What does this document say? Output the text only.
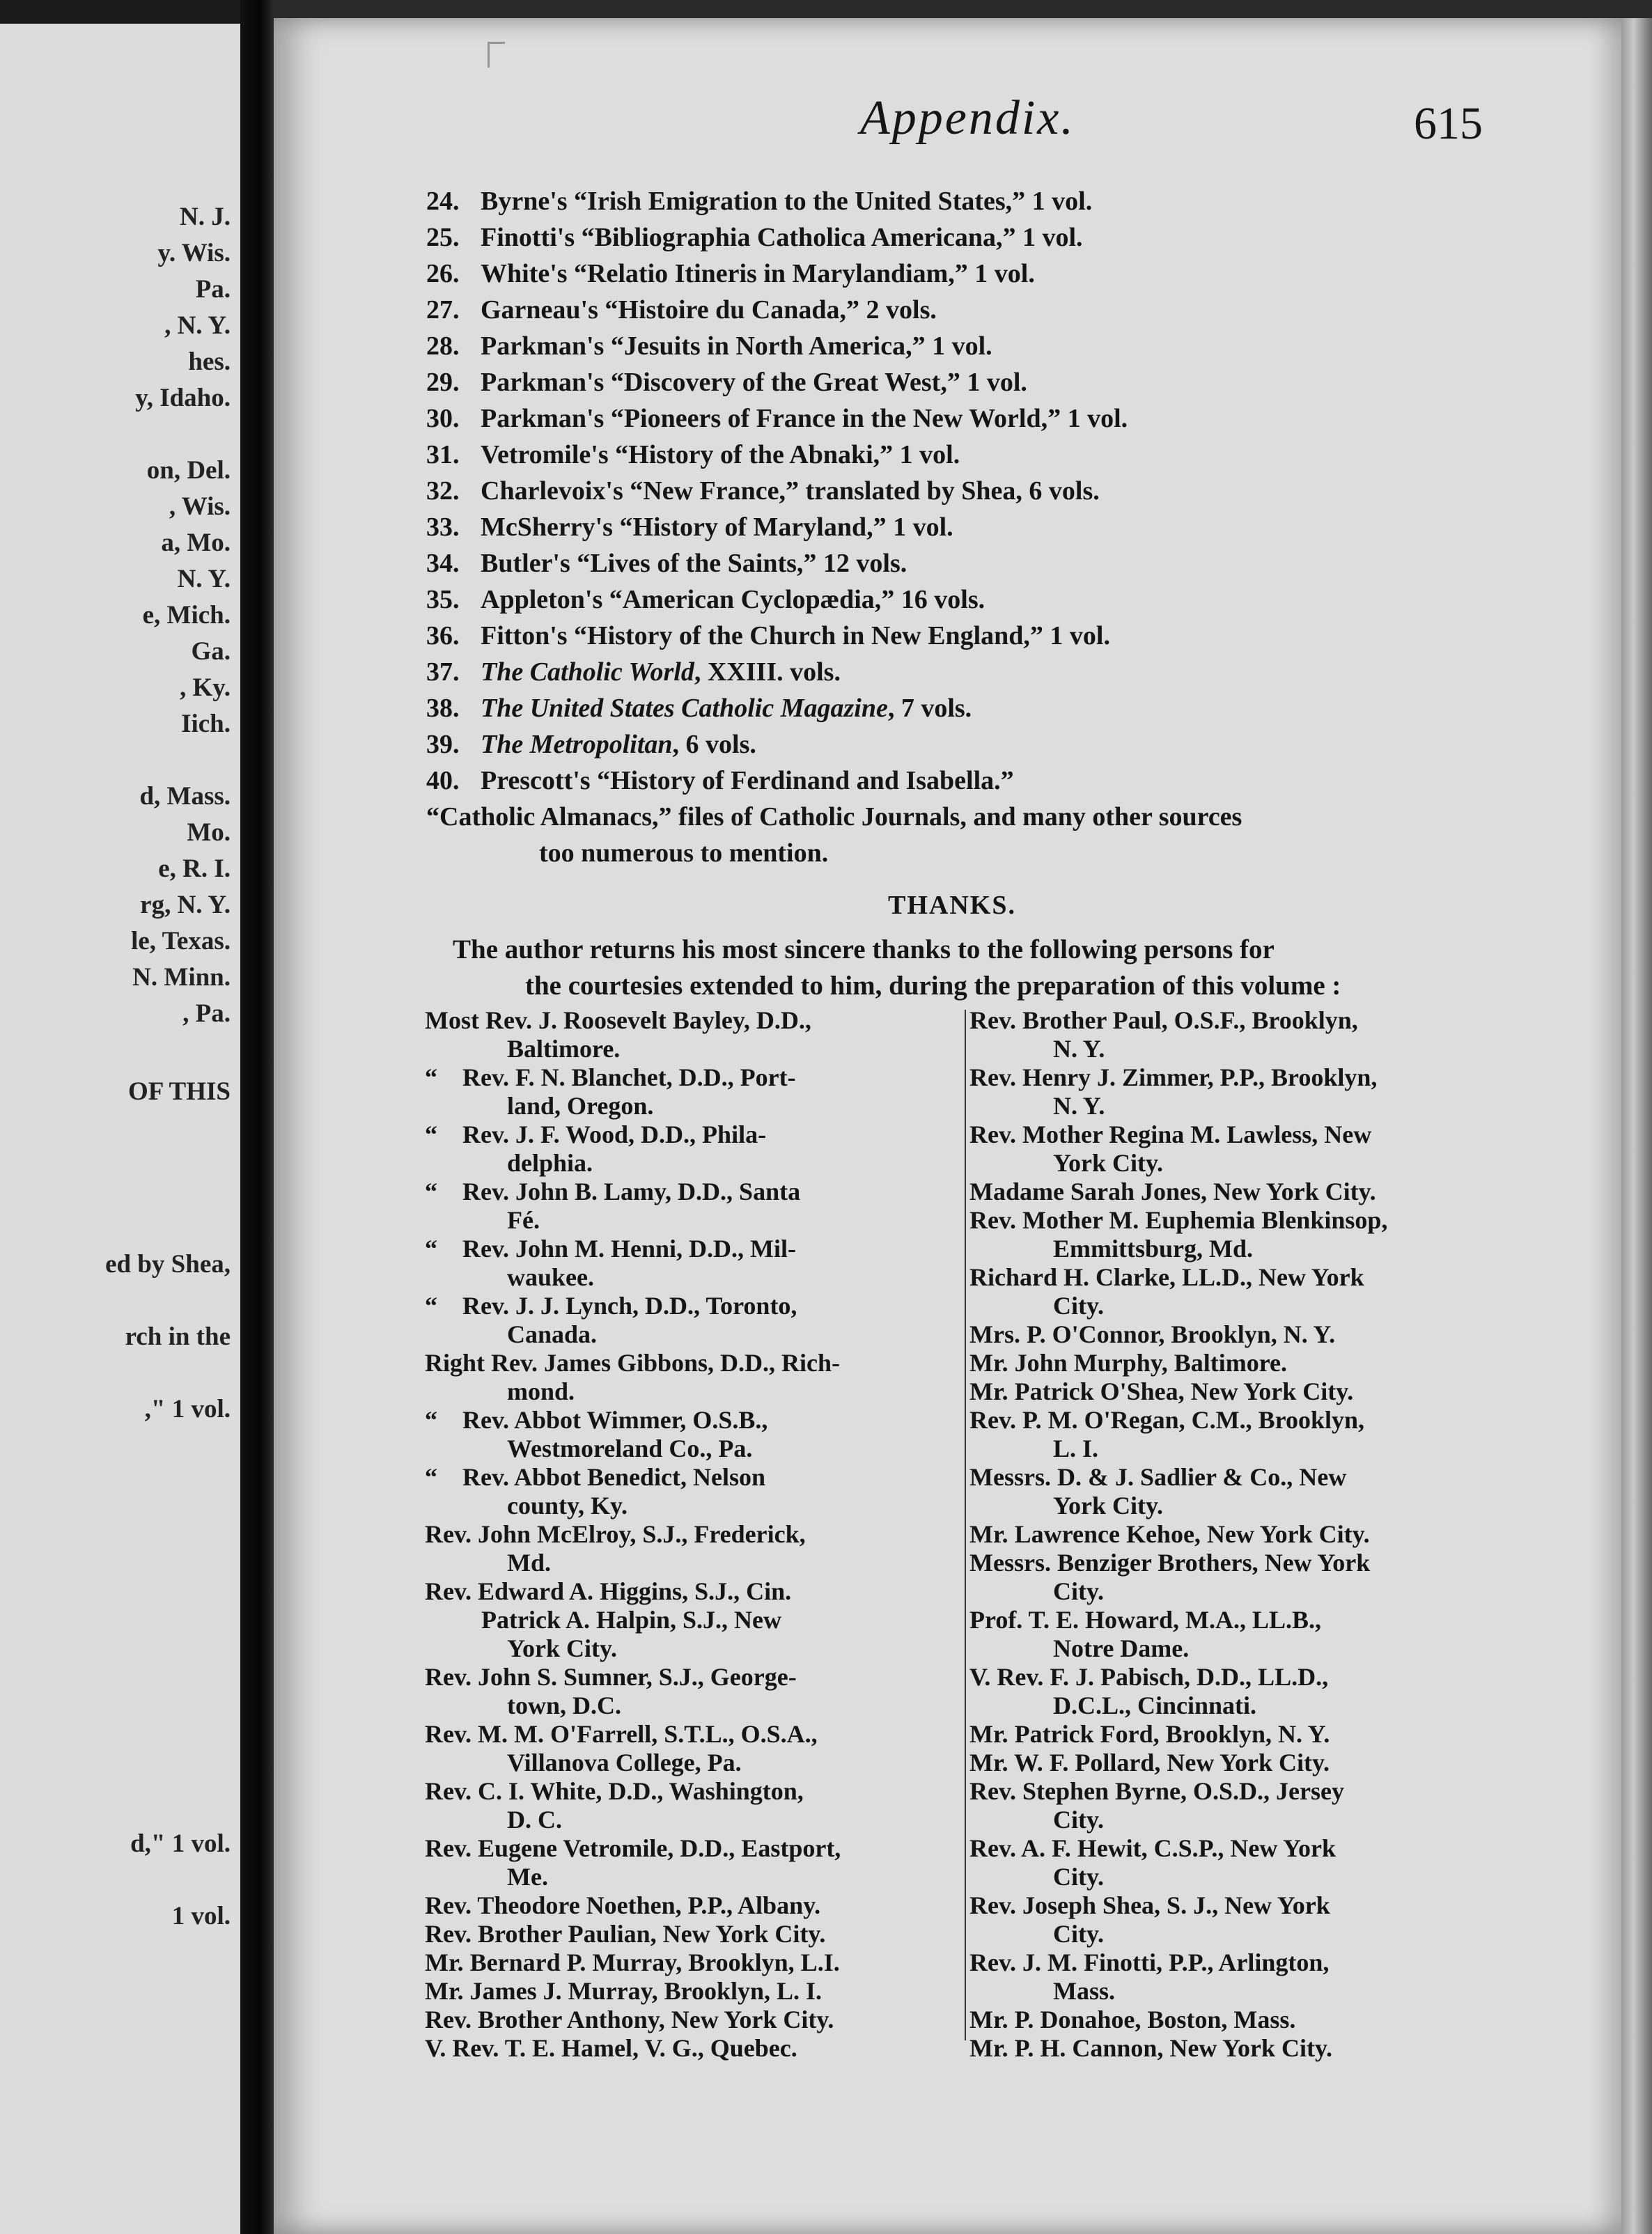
N. J.
y. Wis.
Pa.
, N. Y.
hes.
y, Idaho.
on, Del.
, Wis.
a, Mo.
N. Y.
e, Mich.
Ga.
, Ky.
Iich.
d, Mass.
Mo.
e, R. I.
rg, N. Y.
le, Texas.
N. Minn.
, Pa.
OF THIS
ed by Shea,
rch in the
," 1 vol.
d," 1 vol.
1 vol.
Appendix.	615
24. Byrne's “Irish Emigration to the United States,” 1 vol.
25. Finotti's “Bibliographia Catholica Americana,” 1 vol.
26. White's “Relatio Itineris in Marylandiam,” 1 vol.
27. Garneau's “Histoire du Canada,” 2 vols.
28. Parkman's “Jesuits in North America,” 1 vol.
29. Parkman's “Discovery of the Great West,” 1 vol.
30. Parkman's “Pioneers of France in the New World,” 1 vol.
31. Vetromile's “History of the Abnaki,” 1 vol.
32. Charlevoix's “New France,” translated by Shea, 6 vols.
33. McSherry's “History of Maryland,” 1 vol.
34. Butler's “Lives of the Saints,” 12 vols.
35. Appleton's “American Cyclopædia,” 16 vols.
36. Fitton's “History of the Church in New England,” 1 vol.
37. The Catholic World, XXIII. vols.
38. The United States Catholic Magazine, 7 vols.
39. The Metropolitan, 6 vols.
40. Prescott's “History of Ferdinand and Isabella.”
“Catholic Almanacs,” files of Catholic Journals, and many other sources
too numerous to mention.
THANKS.
The author returns his most sincere thanks to the following persons for
the courtesies extended to him, during the preparation of this volume :
Most Rev. J. Roosevelt Bayley, D.D.,
Baltimore.
“    Rev. F. N. Blanchet, D.D., Port-
land, Oregon.
“    Rev. J. F. Wood, D.D., Phila-
delphia.
“    Rev. John B. Lamy, D.D., Santa
Fé.
“    Rev. John M. Henni, D.D., Mil-
waukee.
“    Rev. J. J. Lynch, D.D., Toronto,
Canada.
Right Rev. James Gibbons, D.D., Rich-
mond.
“    Rev. Abbot Wimmer, O.S.B.,
Westmoreland Co., Pa.
“    Rev. Abbot Benedict, Nelson
county, Ky.
Rev. John McElroy, S.J., Frederick,
Md.
Rev. Edward A. Higgins, S.J., Cin.
Patrick A. Halpin, S.J., New
York City.
Rev. John S. Sumner, S.J., George-
town, D.C.
Rev. M. M. O'Farrell, S.T.L., O.S.A.,
Villanova College, Pa.
Rev. C. I. White, D.D., Washington,
D. C.
Rev. Eugene Vetromile, D.D., Eastport,
Me.
Rev. Theodore Noethen, P.P., Albany.
Rev. Brother Paulian, New York City.
Mr. Bernard P. Murray, Brooklyn, L.I.
Mr. James J. Murray, Brooklyn, L. I.
Rev. Brother Anthony, New York City.
V. Rev. T. E. Hamel, V. G., Quebec.
Rev. Brother Paul, O.S.F., Brooklyn,
N. Y.
Rev. Henry J. Zimmer, P.P., Brooklyn,
N. Y.
Rev. Mother Regina M. Lawless, New
York City.
Madame Sarah Jones, New York City.
Rev. Mother M. Euphemia Blenkinsop,
Emmittsburg, Md.
Richard H. Clarke, LL.D., New York
City.
Mrs. P. O'Connor, Brooklyn, N. Y.
Mr. John Murphy, Baltimore.
Mr. Patrick O'Shea, New York City.
Rev. P. M. O'Regan, C.M., Brooklyn,
L. I.
Messrs. D. & J. Sadlier & Co., New
York City.
Mr. Lawrence Kehoe, New York City.
Messrs. Benziger Brothers, New York
City.
Prof. T. E. Howard, M.A., LL.B.,
Notre Dame.
V. Rev. F. J. Pabisch, D.D., LL.D.,
D.C.L., Cincinnati.
Mr. Patrick Ford, Brooklyn, N. Y.
Mr. W. F. Pollard, New York City.
Rev. Stephen Byrne, O.S.D., Jersey
City.
Rev. A. F. Hewit, C.S.P., New York
City.
Rev. Joseph Shea, S. J., New York
City.
Rev. J. M. Finotti, P.P., Arlington,
Mass.
Mr. P. Donahoe, Boston, Mass.
Mr. P. H. Cannon, New York City.
